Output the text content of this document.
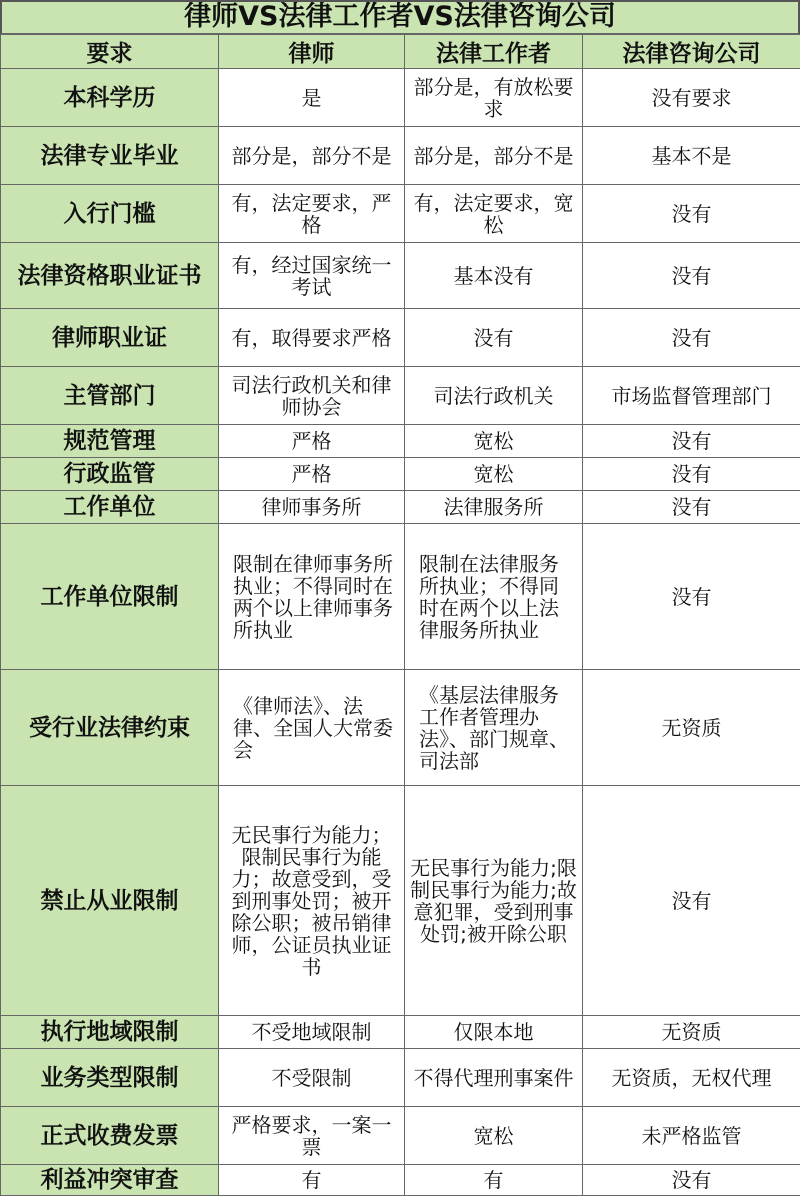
律师VS法律工作者VS法律咨询公司
要求	律师	法律工作者	法律咨询公司
本科学历	是	部分是，有放松要求	没有要求

法律专业毕业	部分是，部分不是	部分是，部分不是	基本不是

入行门槛	有，法定要求，严格	有，法定要求，宽松	没有

法律资格职业证书	有，经过国家统一考试	基本没有	没有

律师职业证	有，取得要求严格	没有	没有

主管部门	司法行政机关和律师协会	司法行政机关	市场监督管理部门

规范管理	严格	宽松	没有

行政监管	严格	宽松	没有

工作单位	律师事务所	法律服务所	没有

工作单位限制	限制在律师事务所执业；不得同时在两个以上律师事务所执业	限制在法律服务所执业；不得同时在两个以上法律服务所执业	没有

受行业法律约束	《律师法》、法律、全国人大常委会	《基层法律服务工作者管理办法》、部门规章、司法部	无资质

禁止从业限制	无民事行为能力；限制民事行为能力；故意受到，受到刑事处罚；被开除公职；被吊销律师，公证员执业证书	无民事行为能力;限制民事行为能力;故意犯罪，受到刑事处罚;被开除公职	没有

执行地域限制	不受地域限制	仅限本地	无资质

业务类型限制	不受限制	不得代理刑事案件	无资质，无权代理

正式收费发票	严格要求，一案一票	宽松	未严格监管

利益冲突审查	有	有	没有
